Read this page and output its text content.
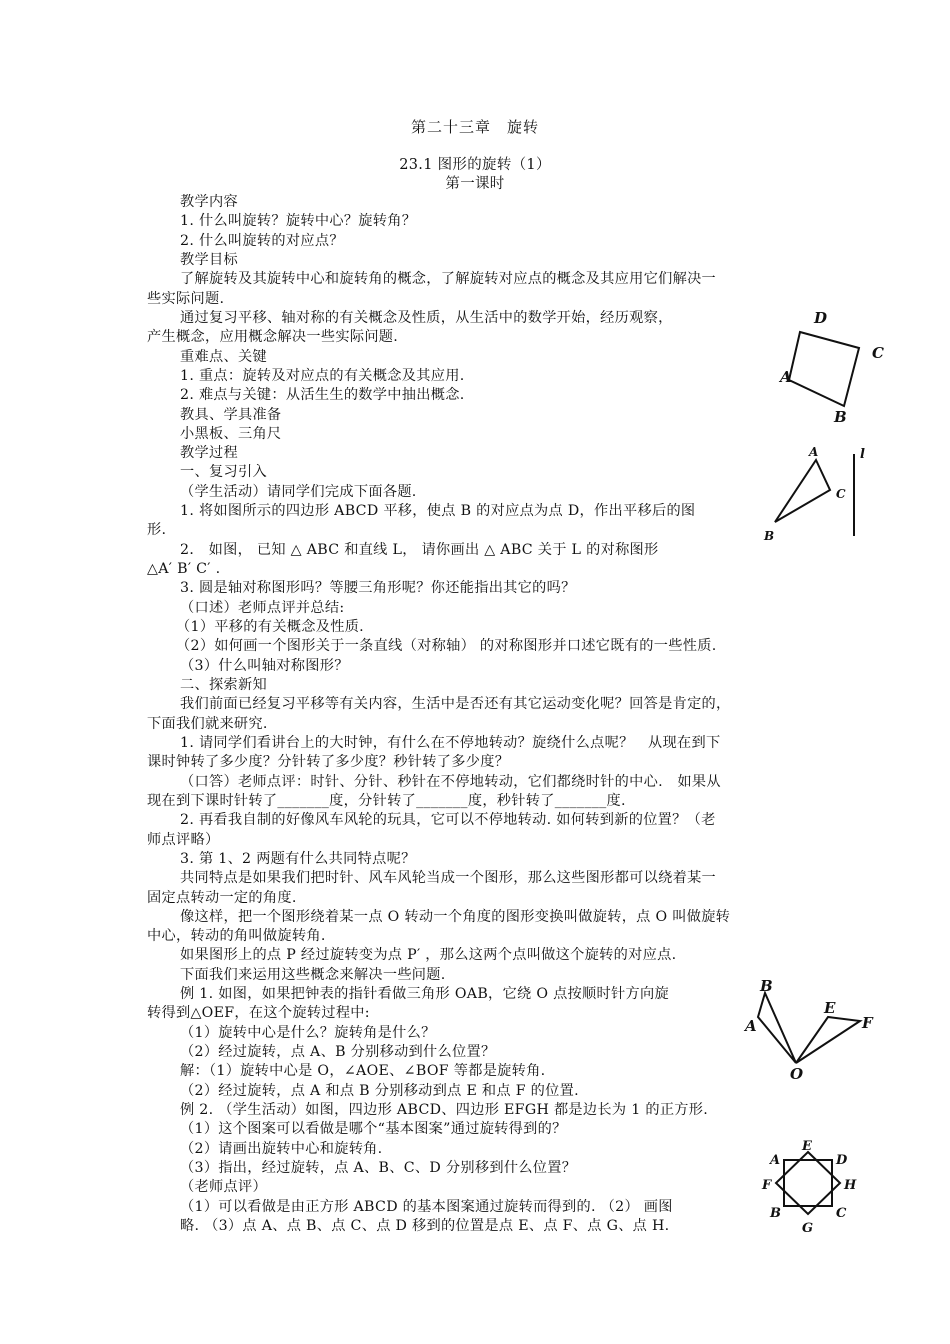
第二十三章　旋转
23.1 图形的旋转（1）
第一课时
教学内容
1. 什么叫旋转？旋转中心？旋转角？
2. 什么叫旋转的对应点？
教学目标
了解旋转及其旋转中心和旋转角的概念，了解旋转对应点的概念及其应用它们解决一
些实际问题.
通过复习平移、轴对称的有关概念及性质，从生活中的数学开始，经历观察，
产生概念，应用概念解决一些实际问题.
重难点、关键
1. 重点：旋转及对应点的有关概念及其应用.
2. 难点与关键：从活生生的数学中抽出概念.
教具、学具准备
小黑板、三角尺
教学过程
一、复习引入
（学生活动）请同学们完成下面各题.
1. 将如图所示的四边形 ABCD 平移，使点 B 的对应点为点 D，作出平移后的图
形.
2． 如图， 已知 △ ABC 和直线 L， 请你画出 △ ABC 关于 L 的对称图形
△A′ B′ C′ .
3. 圆是轴对称图形吗？等腰三角形呢？你还能指出其它的吗？
（口述）老师点评并总结:
（1）平移的有关概念及性质.
（2）如何画一个图形关于一条直线（对称轴） 的对称图形并口述它既有的一些性质.
（3）什么叫轴对称图形？
二、探索新知
我们前面已经复习平移等有关内容，生活中是否还有其它运动变化呢？回答是肯定的，
下面我们就来研究.
1. 请同学们看讲台上的大时钟，有什么在不停地转动？旋绕什么点呢？　从现在到下
课时钟转了多少度？分针转了多少度？秒针转了多少度？
（口答）老师点评：时针、分针、秒针在不停地转动，它们都绕时针的中心.　如果从
现在到下课时针转了_______度，分针转了_______度，秒针转了_______度.
2. 再看我自制的好像风车风轮的玩具，它可以不停地转动. 如何转到新的位置？（老
师点评略）
3. 第 1、2 两题有什么共同特点呢？
共同特点是如果我们把时针、风车风轮当成一个图形，那么这些图形都可以绕着某一
固定点转动一定的角度.
像这样，把一个图形绕着某一点 O 转动一个角度的图形变换叫做旋转，点 O 叫做旋转
中心，转动的角叫做旋转角.
如果图形上的点 P 经过旋转变为点 P′ ，那么这两个点叫做这个旋转的对应点.
下面我们来运用这些概念来解决一些问题.
例 1. 如图，如果把钟表的指针看做三角形 OAB，它绕 O 点按顺时针方向旋
转得到△OEF，在这个旋转过程中:
（1）旋转中心是什么？旋转角是什么？
（2）经过旋转，点 A、B 分别移动到什么位置？
解：（1）旋转中心是 O，∠AOE、∠BOF 等都是旋转角.
（2）经过旋转，点 A 和点 B 分别移动到点 E 和点 F 的位置.
例 2. （学生活动）如图，四边形 ABCD、四边形 EFGH 都是边长为 1 的正方形.
（1）这个图案可以看做是哪个“基本图案”通过旋转得到的？
（2）请画出旋转中心和旋转角.
（3）指出，经过旋转，点 A、B、C、D 分别移到什么位置？
（老师点评）
（1）可以看做是由正方形 ABCD 的基本图案通过旋转而得到的. （2） 画图
略. （3）点 A、点 B、点 C、点 D 移到的位置是点 E、点 F、点 G、点 H.
D
C
A
B
A
C
B
l
B
A
E
F
O
E
A	D
F	H
B	C
G
